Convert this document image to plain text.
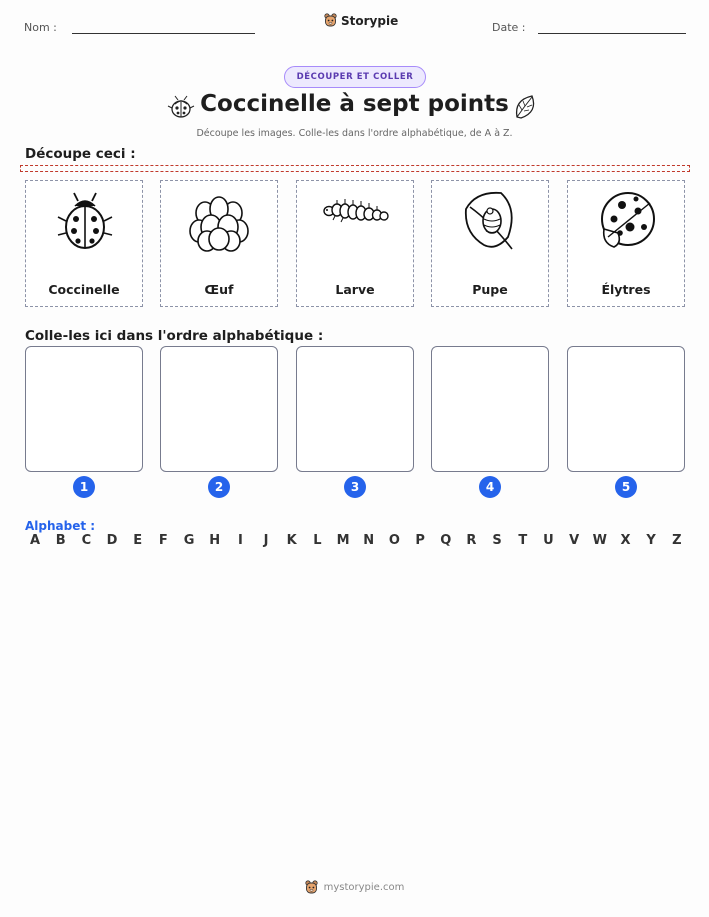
Nom :	Storypie	Date :
DÉCOUPER ET COLLER
Coccinelle à sept points
Découpe les images. Colle-les dans l'ordre alphabétique, de A à Z.
Découpe ceci :
Coccinelle	Œuf	Larve	Pupe	Élytres
Colle-les ici dans l'ordre alphabétique :
1	2	3	4	5
Alphabet :
A	B	C	D	E	F	G	H	I	J	K	L	M	N	O	P	Q	R	S	T	U	V	W	X	Y	Z
mystorypie.com
